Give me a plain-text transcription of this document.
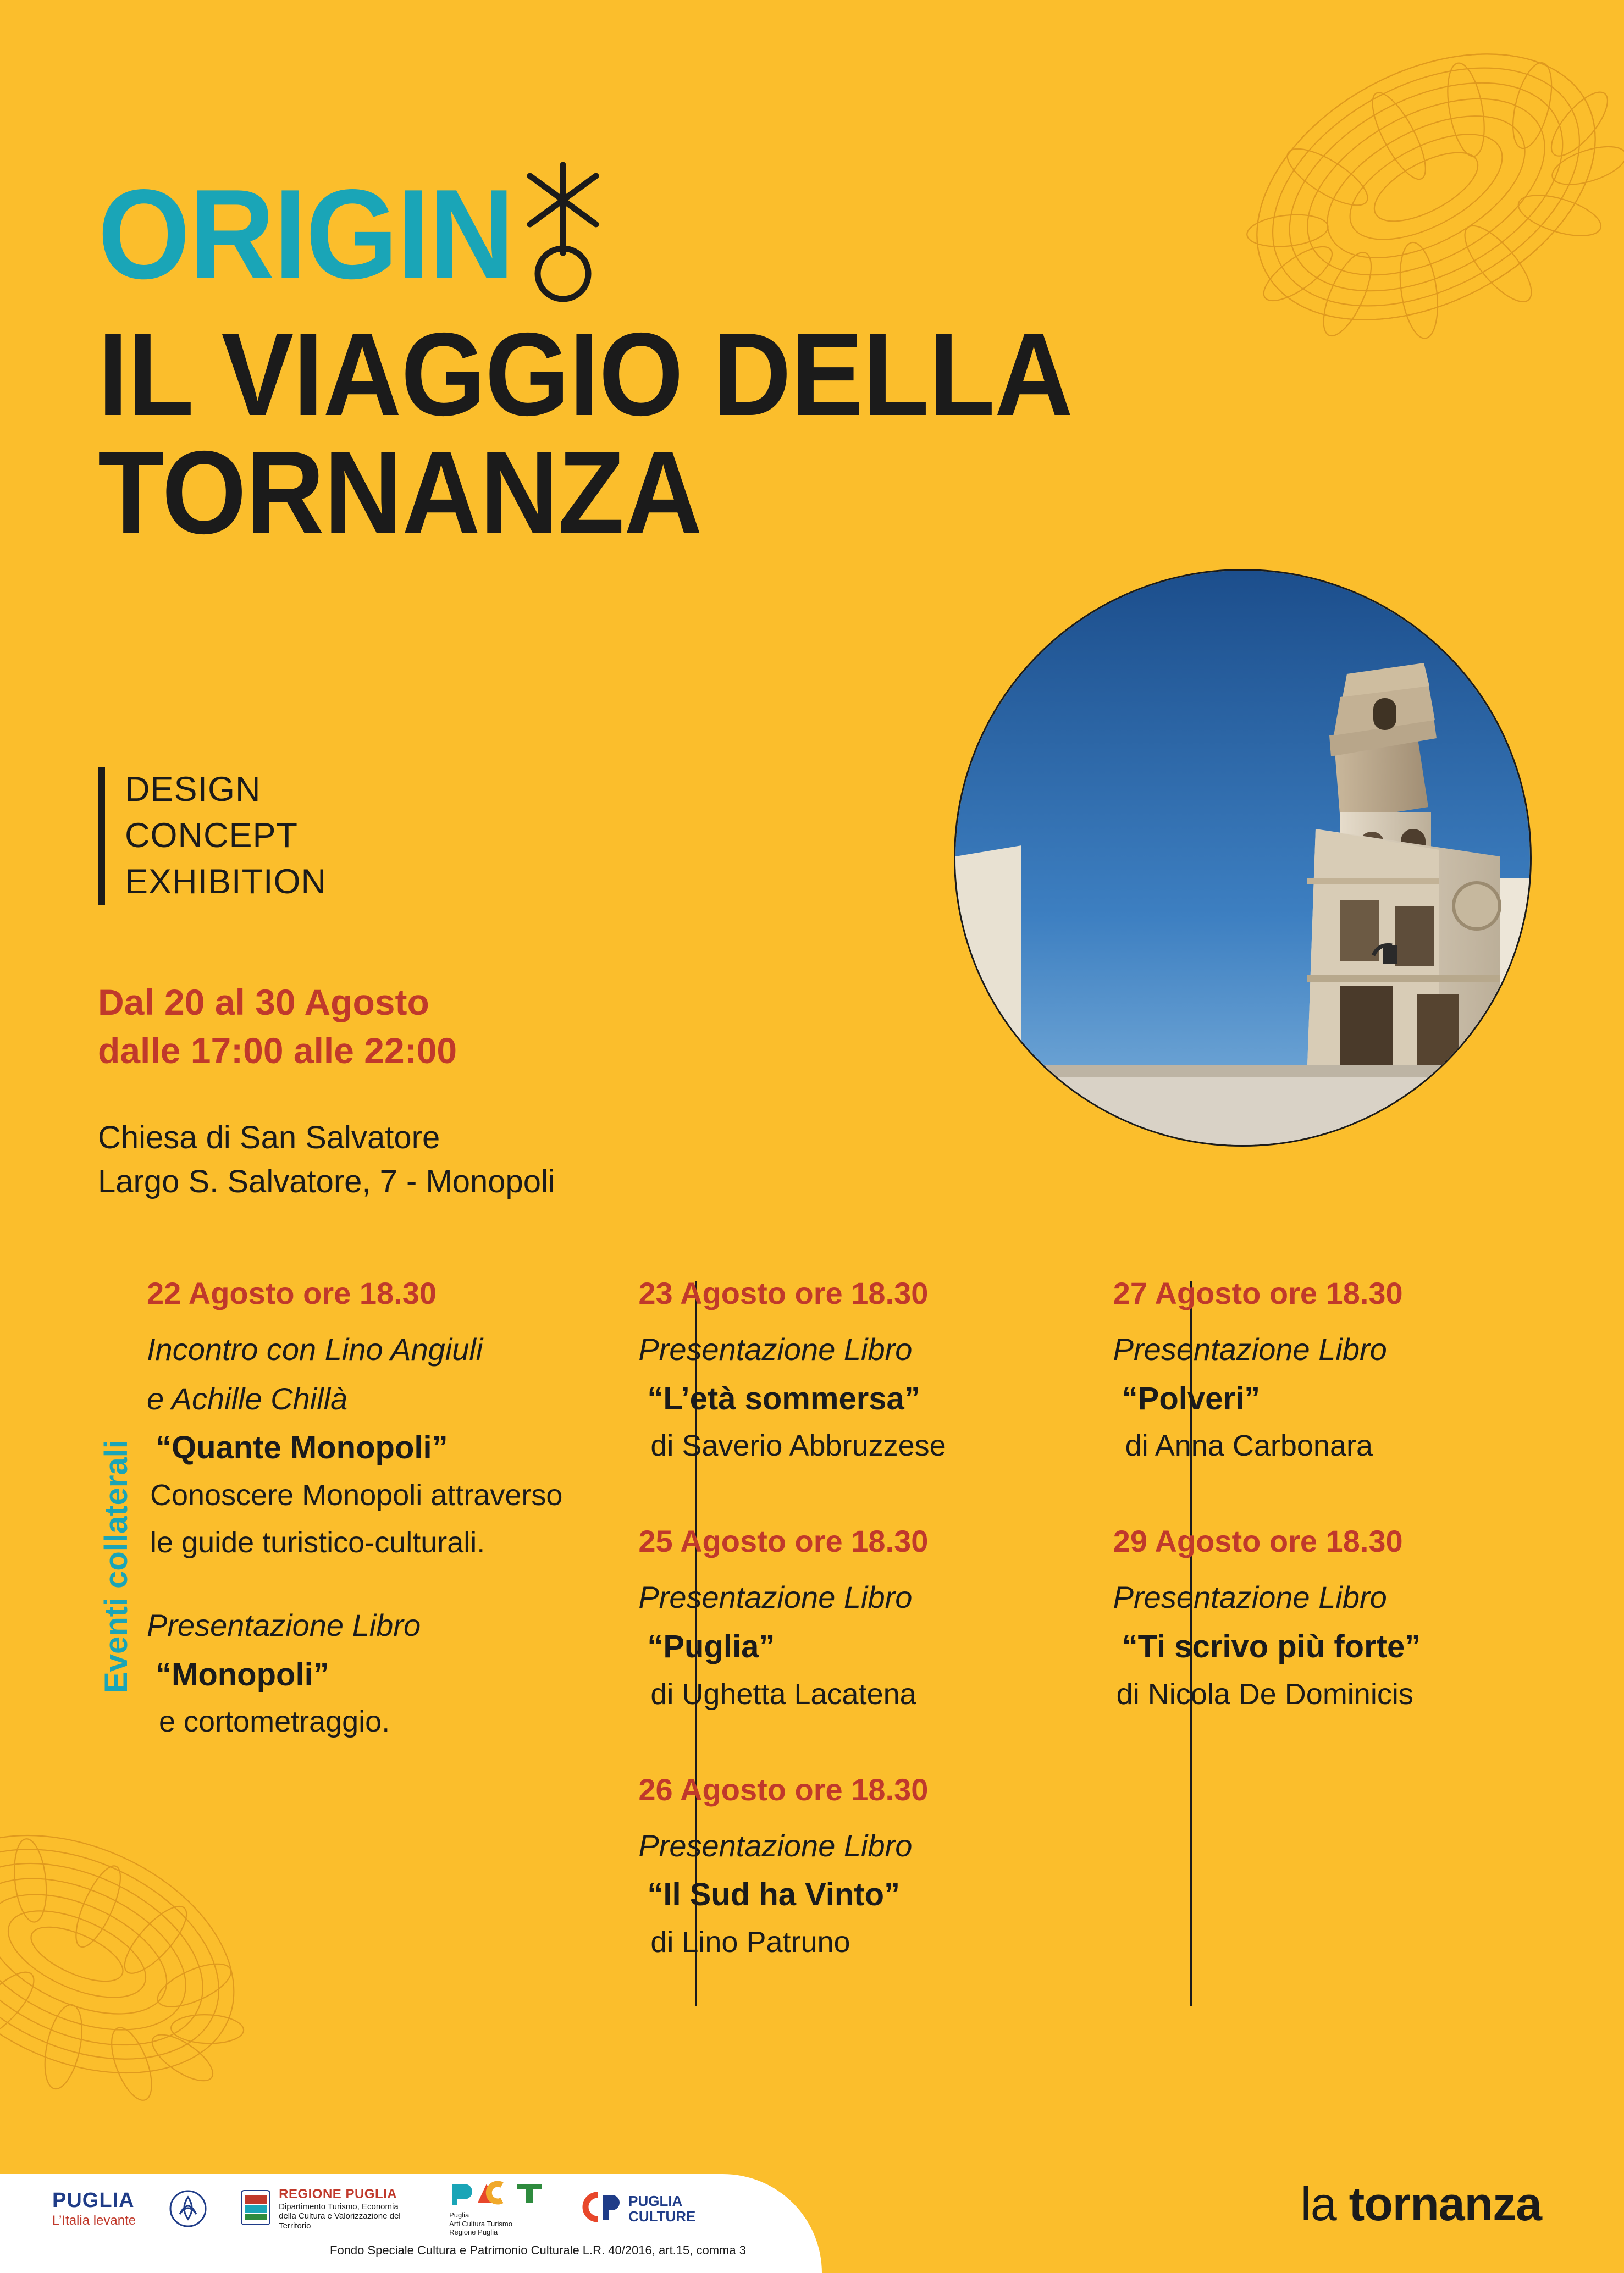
ORIGIN
IL VIAGGIO DELLA
TORNANZA
DESIGN
CONCEPT
EXHIBITION
Dal 20 al 30 Agosto
dalle 17:00 alle 22:00
Chiesa di San Salvatore
Largo S. Salvatore, 7 - Monopoli
Eventi collaterali
22 Agosto ore 18.30
Incontro con Lino Angiuli
e Achille Chillà
“Quante Monopoli”
Conoscere Monopoli attraverso
le guide turistico-culturali.
Presentazione Libro
“Monopoli”
e cortometraggio.
23 Agosto ore 18.30
Presentazione Libro
“L’età sommersa”
di Saverio Abbruzzese
25 Agosto ore 18.30
Presentazione Libro
“Puglia”
di Ughetta Lacatena
26 Agosto ore 18.30
Presentazione Libro
“Il Sud ha Vinto”
di Lino Patruno
27 Agosto ore 18.30
Presentazione Libro
“Polveri”
di Anna Carbonara
29 Agosto ore 18.30
Presentazione Libro
“Ti scrivo più forte”
di Nicola De Dominicis
PUGLIA
L’Italia levante
REGIONE PUGLIA
Dipartimento Turismo, Economia della Cultura e Valorizzazione del Territorio
Puglia
Arti Cultura Turismo
Regione Puglia
PUGLIA
CULTURE
Fondo Speciale Cultura e Patrimonio Culturale L.R. 40/2016, art.15, comma 3
la tornanza
